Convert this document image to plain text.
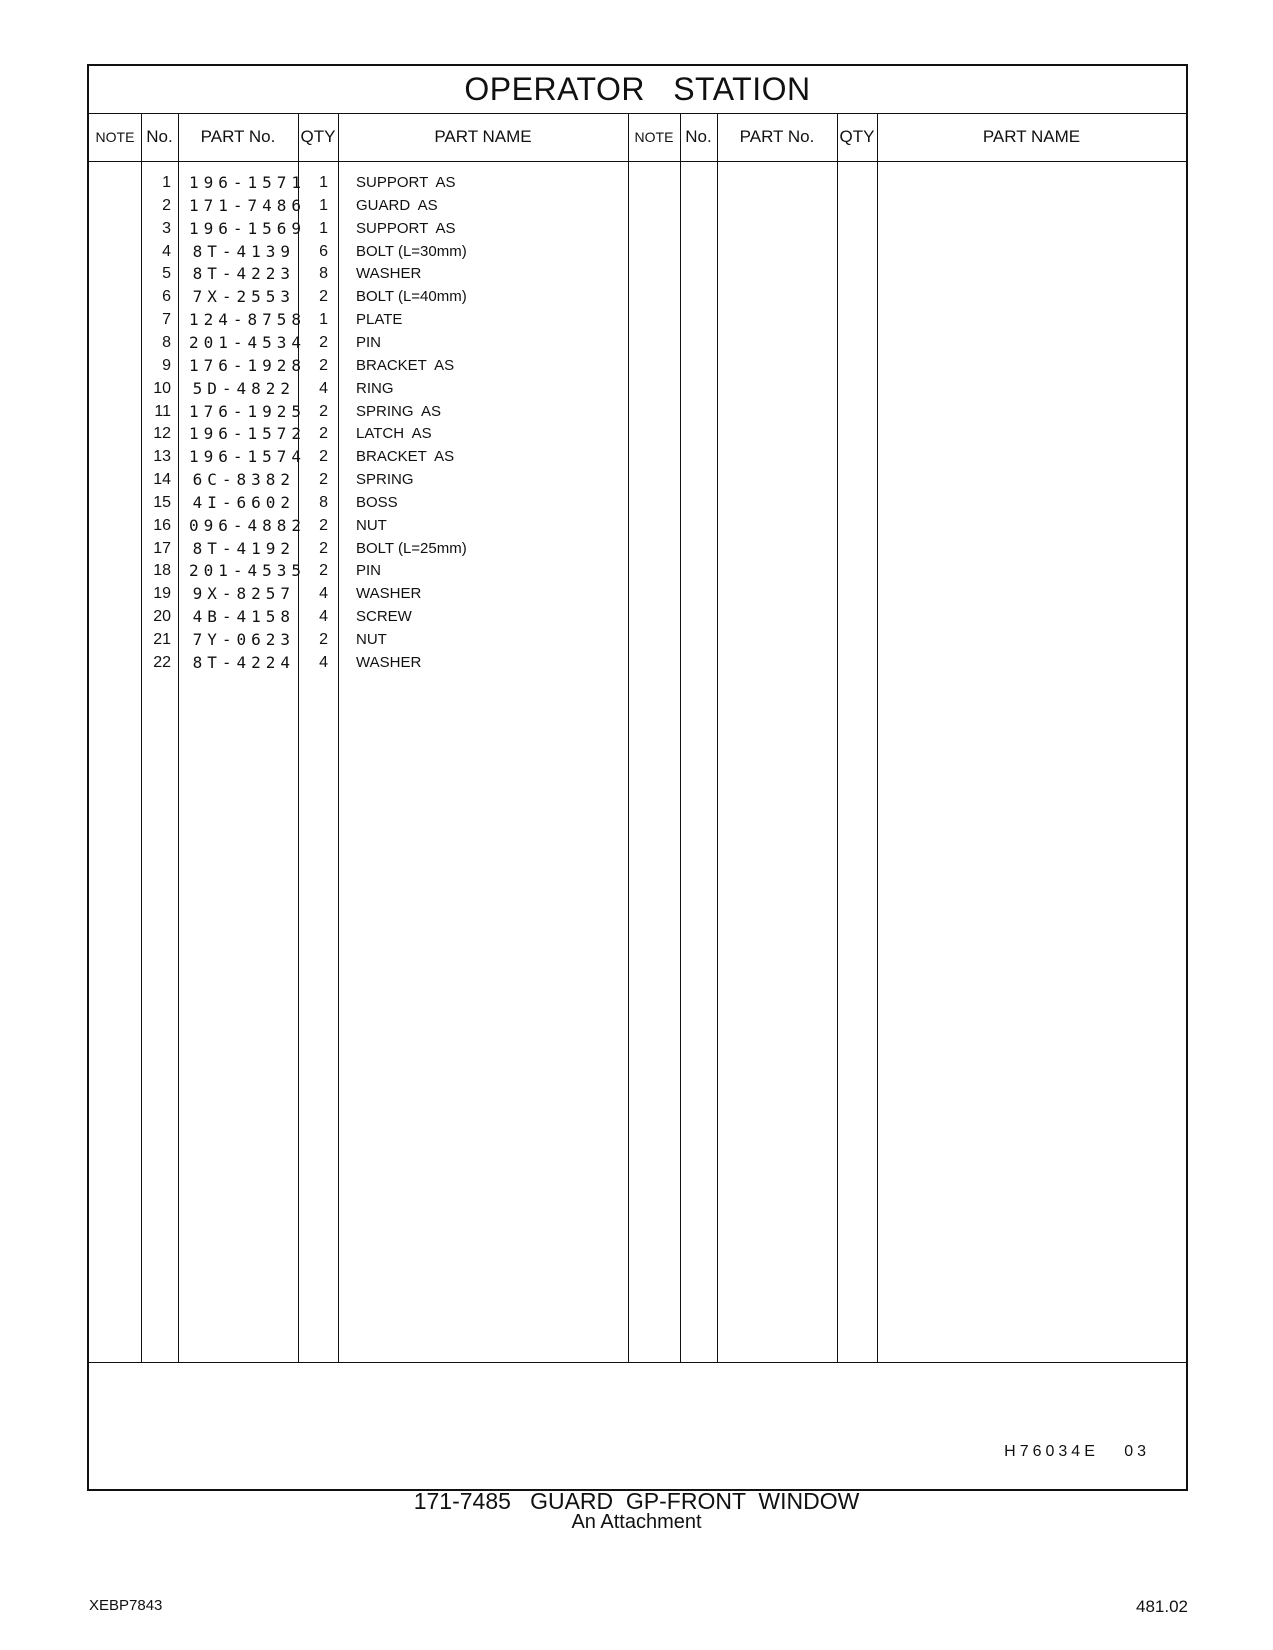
OPERATOR   STATION
NOTE No.	PART No.	QTY	PART NAME	NOTE No.	PART No.	QTY	PART NAME
1 196-1571 1 SUPPORT  AS
2 171-7486 1 GUARD  AS
3 196-1569 1 SUPPORT  AS
4 8T-4139	6 BOLT (L=30mm)
5 8T-4223	8 WASHER
6 7X-2553	2 BOLT (L=40mm)
7 124-8758 1 PLATE
8 201-4534 2 PIN
9 176-1928 2 BRACKET  AS
10 5D-4822	4 RING
11 176-1925 2 SPRING  AS
12 196-1572 2 LATCH  AS
13 196-1574 2 BRACKET  AS
14 6C-8382	2 SPRING
15 4I-6602	8 BOSS
16 096-4882 2 NUT
17 8T-4192	2 BOLT (L=25mm)
18 201-4535 2 PIN
19 9X-8257	4 WASHER
20 4B-4158	4 SCREW
21 7Y-0623	2 NUT
22 8T-4224	4 WASHER
H76034E   03
171-7485   GUARD  GP-FRONT  WINDOW
An Attachment
XEBP7843	481.02
